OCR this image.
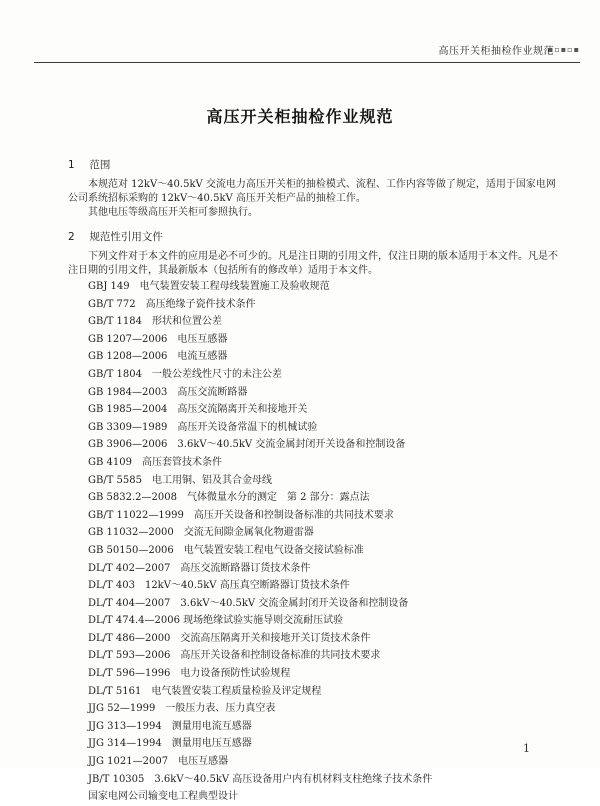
高压开关柜抽检作业规范
▪▫▪▫▪
高压开关柜抽检作业规范
1 范围

本规范对 12kV～40.5kV 交流电力高压开关柜的抽检模式、流程、工作内容等做了规定，适用于国家电网公司系统招标采购的 12kV～40.5kV 高压开关柜产品的抽检工作。

其他电压等级高压开关柜可参照执行。

2 规范性引用文件

下列文件对于本文件的应用是必不可少的。凡是注日期的引用文件，仅注日期的版本适用于本文件。凡是不注日期的引用文件，其最新版本（包括所有的修改单）适用于本文件。

GBJ 149　电气装置安装工程母线装置施工及验收规范
GB/T 772　高压绝缘子瓷件技术条件
GB/T 1184　形状和位置公差
GB 1207—2006　电压互感器
GB 1208—2006　电流互感器
GB/T 1804　一般公差线性尺寸的未注公差
GB 1984—2003　高压交流断路器
GB 1985—2004　高压交流隔离开关和接地开关
GB 3309—1989　高压开关设备常温下的机械试验
GB 3906—2006　3.6kV～40.5kV 交流金属封闭开关设备和控制设备
GB 4109　高压套管技术条件
GB/T 5585　电工用铜、铝及其合金母线
GB 5832.2—2008　气体微量水分的测定　第 2 部分：露点法
GB/T 11022—1999　高压开关设备和控制设备标准的共同技术要求
GB 11032—2000　交流无间隙金属氧化物避雷器
GB 50150—2006　电气装置安装工程电气设备交接试验标准
DL/T 402—2007　高压交流断路器订货技术条件
DL/T 403　12kV～40.5kV 高压真空断路器订货技术条件
DL/T 404—2007　3.6kV～40.5kV 交流金属封闭开关设备和控制设备
DL/T 474.4—2006 现场绝缘试验实施导则交流耐压试验
DL/T 486—2000　交流高压隔离开关和接地开关订货技术条件
DL/T 593—2006　高压开关设备和控制设备标准的共同技术要求
DL/T 596—1996　电力设备预防性试验规程
DL/T 5161　电气装置安装工程质量检验及评定规程
JJG 52—1999　一般压力表、压力真空表
JJG 313—1994　测量用电流互感器
JJG 314—1994　测量用电压互感器
JJG 1021—2007　电压互感器
JB/T 10305　3.6kV～40.5kV 高压设备用户内有机材料支柱绝缘子技术条件
国家电网公司输变电工程典型设计
1
